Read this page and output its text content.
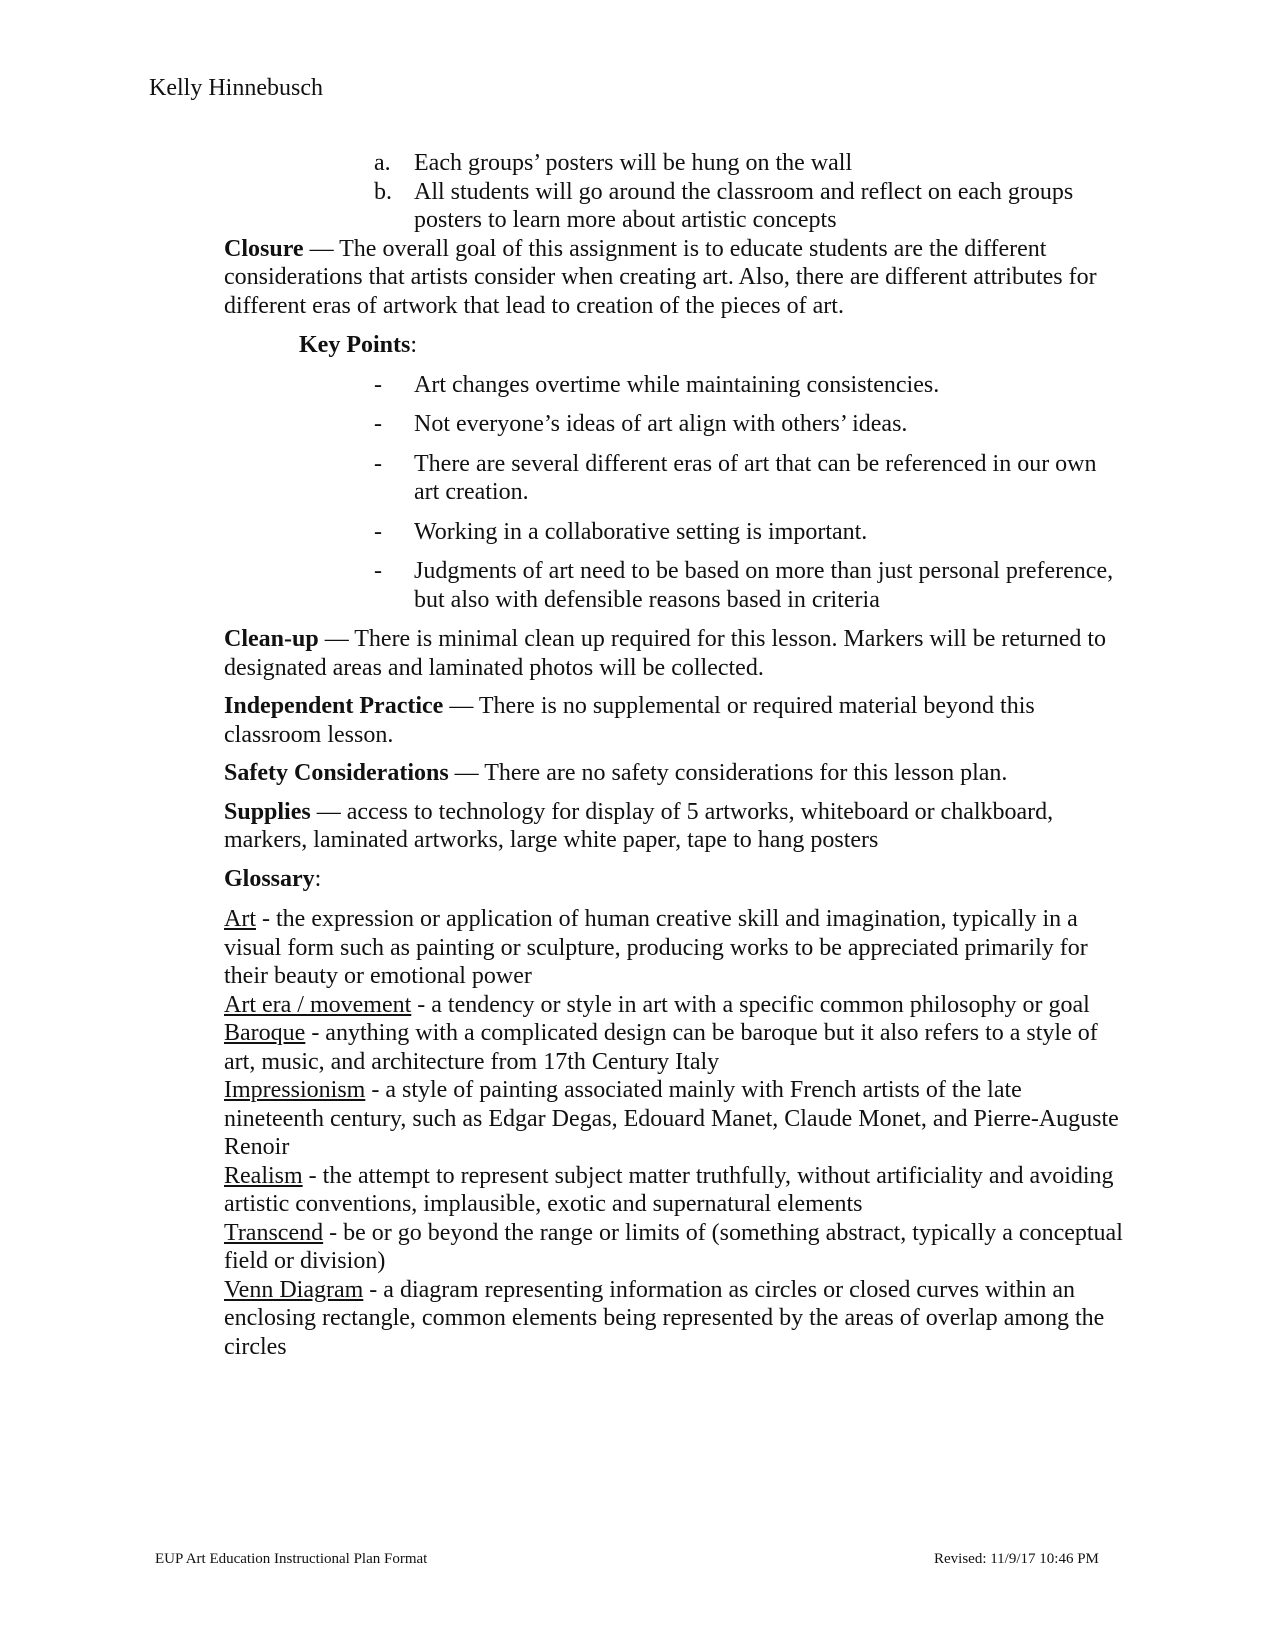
Kelly Hinnebusch
a. Each groups’ posters will be hung on the wall
b. All students will go around the classroom and reflect on each groups posters to learn more about artistic concepts

Closure — The overall goal of this assignment is to educate students are the different considerations that artists consider when creating art. Also, there are different attributes for different eras of artwork that lead to creation of the pieces of art.

Key Points:
-	Art changes overtime while maintaining consistencies.
-	Not everyone’s ideas of art align with others’ ideas.
-	There are several different eras of art that can be referenced in our own art creation.
-	Working in a collaborative setting is important.
-	Judgments of art need to be based on more than just personal preference, but also with defensible reasons based in criteria

Clean-up — There is minimal clean up required for this lesson. Markers will be returned to designated areas and laminated photos will be collected.

Independent Practice — There is no supplemental or required material beyond this classroom lesson.

Safety Considerations — There are no safety considerations for this lesson plan.

Supplies — access to technology for display of 5 artworks, whiteboard or chalkboard, markers, laminated artworks, large white paper, tape to hang posters

Glossary:

Art - the expression or application of human creative skill and imagination, typically in a visual form such as painting or sculpture, producing works to be appreciated primarily for their beauty or emotional power

Art era / movement - a tendency or style in art with a specific common philosophy or goal

Baroque - anything with a complicated design can be baroque but it also refers to a style of art, music, and architecture from 17th Century Italy

Impressionism - a style of painting associated mainly with French artists of the late nineteenth century, such as Edgar Degas, Edouard Manet, Claude Monet, and Pierre-Auguste Renoir

Realism - the attempt to represent subject matter truthfully, without artificiality and avoiding artistic conventions, implausible, exotic and supernatural elements

Transcend - be or go beyond the range or limits of (something abstract, typically a conceptual field or division)

Venn Diagram - a diagram representing information as circles or closed curves within an enclosing rectangle, common elements being represented by the areas of overlap among the circles

EUP Art Education Instructional Plan Format	Revised: 11/9/17 10:46 PM
